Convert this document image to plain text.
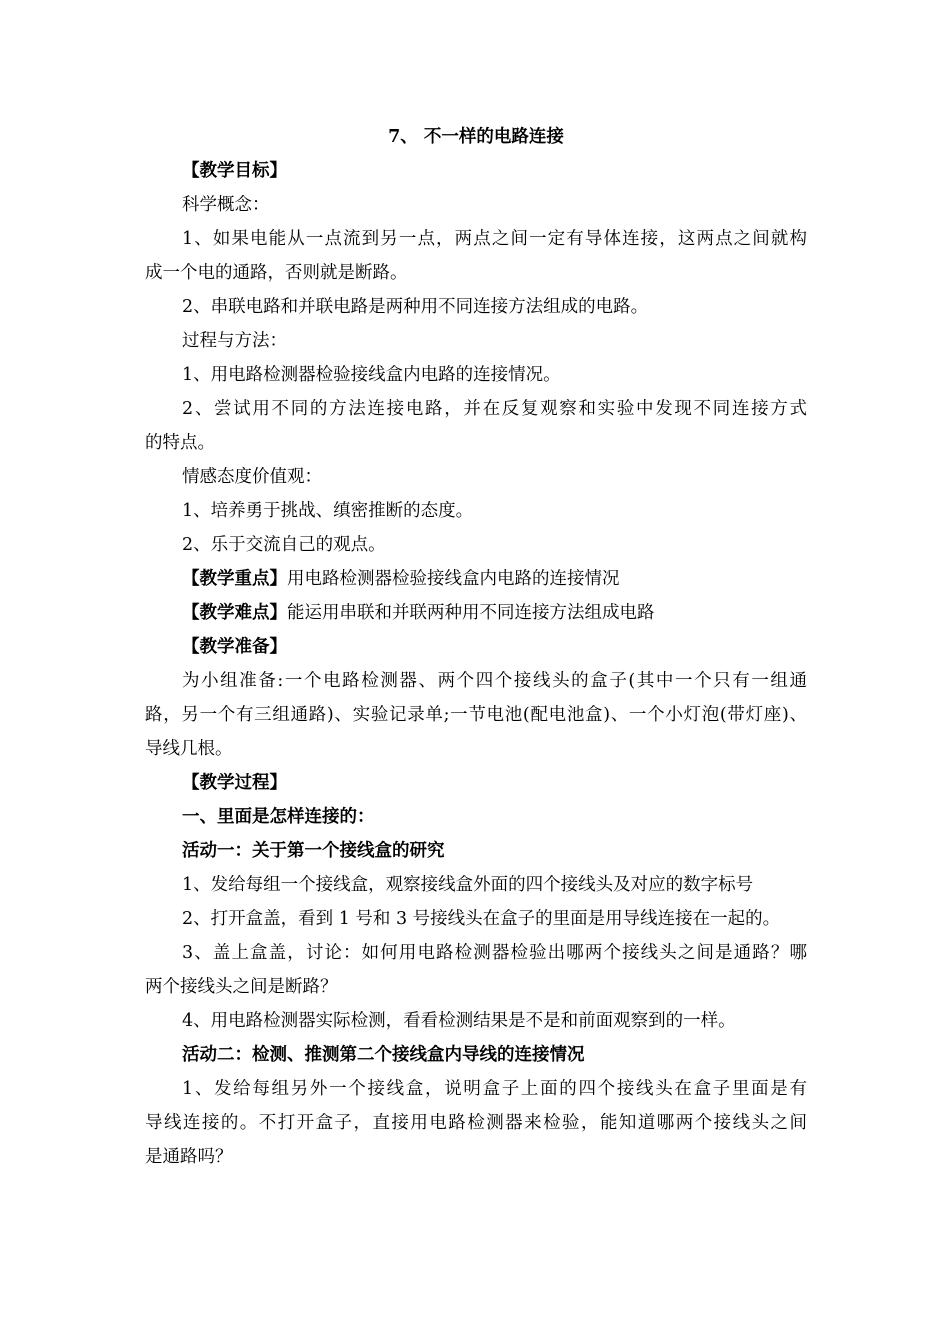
7、 不一样的电路连接
【教学目标】
科学概念：
1、如果电能从一点流到另一点，两点之间一定有导体连接，这两点之间就构
成一个电的通路，否则就是断路。
2、串联电路和并联电路是两种用不同连接方法组成的电路。
过程与方法：
1、用电路检测器检验接线盒内电路的连接情况。
2、尝试用不同的方法连接电路，并在反复观察和实验中发现不同连接方式
的特点。
情感态度价值观：
1、培养勇于挑战、缜密推断的态度。
2、乐于交流自己的观点。
【教学重点】用电路检测器检验接线盒内电路的连接情况
【教学难点】能运用串联和并联两种用不同连接方法组成电路
【教学准备】
为小组准备:一个电路检测器、两个四个接线头的盒子(其中一个只有一组通
路，另一个有三组通路)、实验记录单;一节电池(配电池盒)、一个小灯泡(带灯座)、
导线几根。
【教学过程】
一、里面是怎样连接的：
活动一：关于第一个接线盒的研究
1、发给每组一个接线盒，观察接线盒外面的四个接线头及对应的数字标号
2、打开盒盖，看到 1 号和 3 号接线头在盒子的里面是用导线连接在一起的。
3、盖上盒盖，讨论：如何用电路检测器检验出哪两个接线头之间是通路？哪
两个接线头之间是断路？
4、用电路检测器实际检测，看看检测结果是不是和前面观察到的一样。
活动二：检测、推测第二个接线盒内导线的连接情况
1、发给每组另外一个接线盒，说明盒子上面的四个接线头在盒子里面是有
导线连接的。不打开盒子，直接用电路检测器来检验，能知道哪两个接线头之间
是通路吗？
